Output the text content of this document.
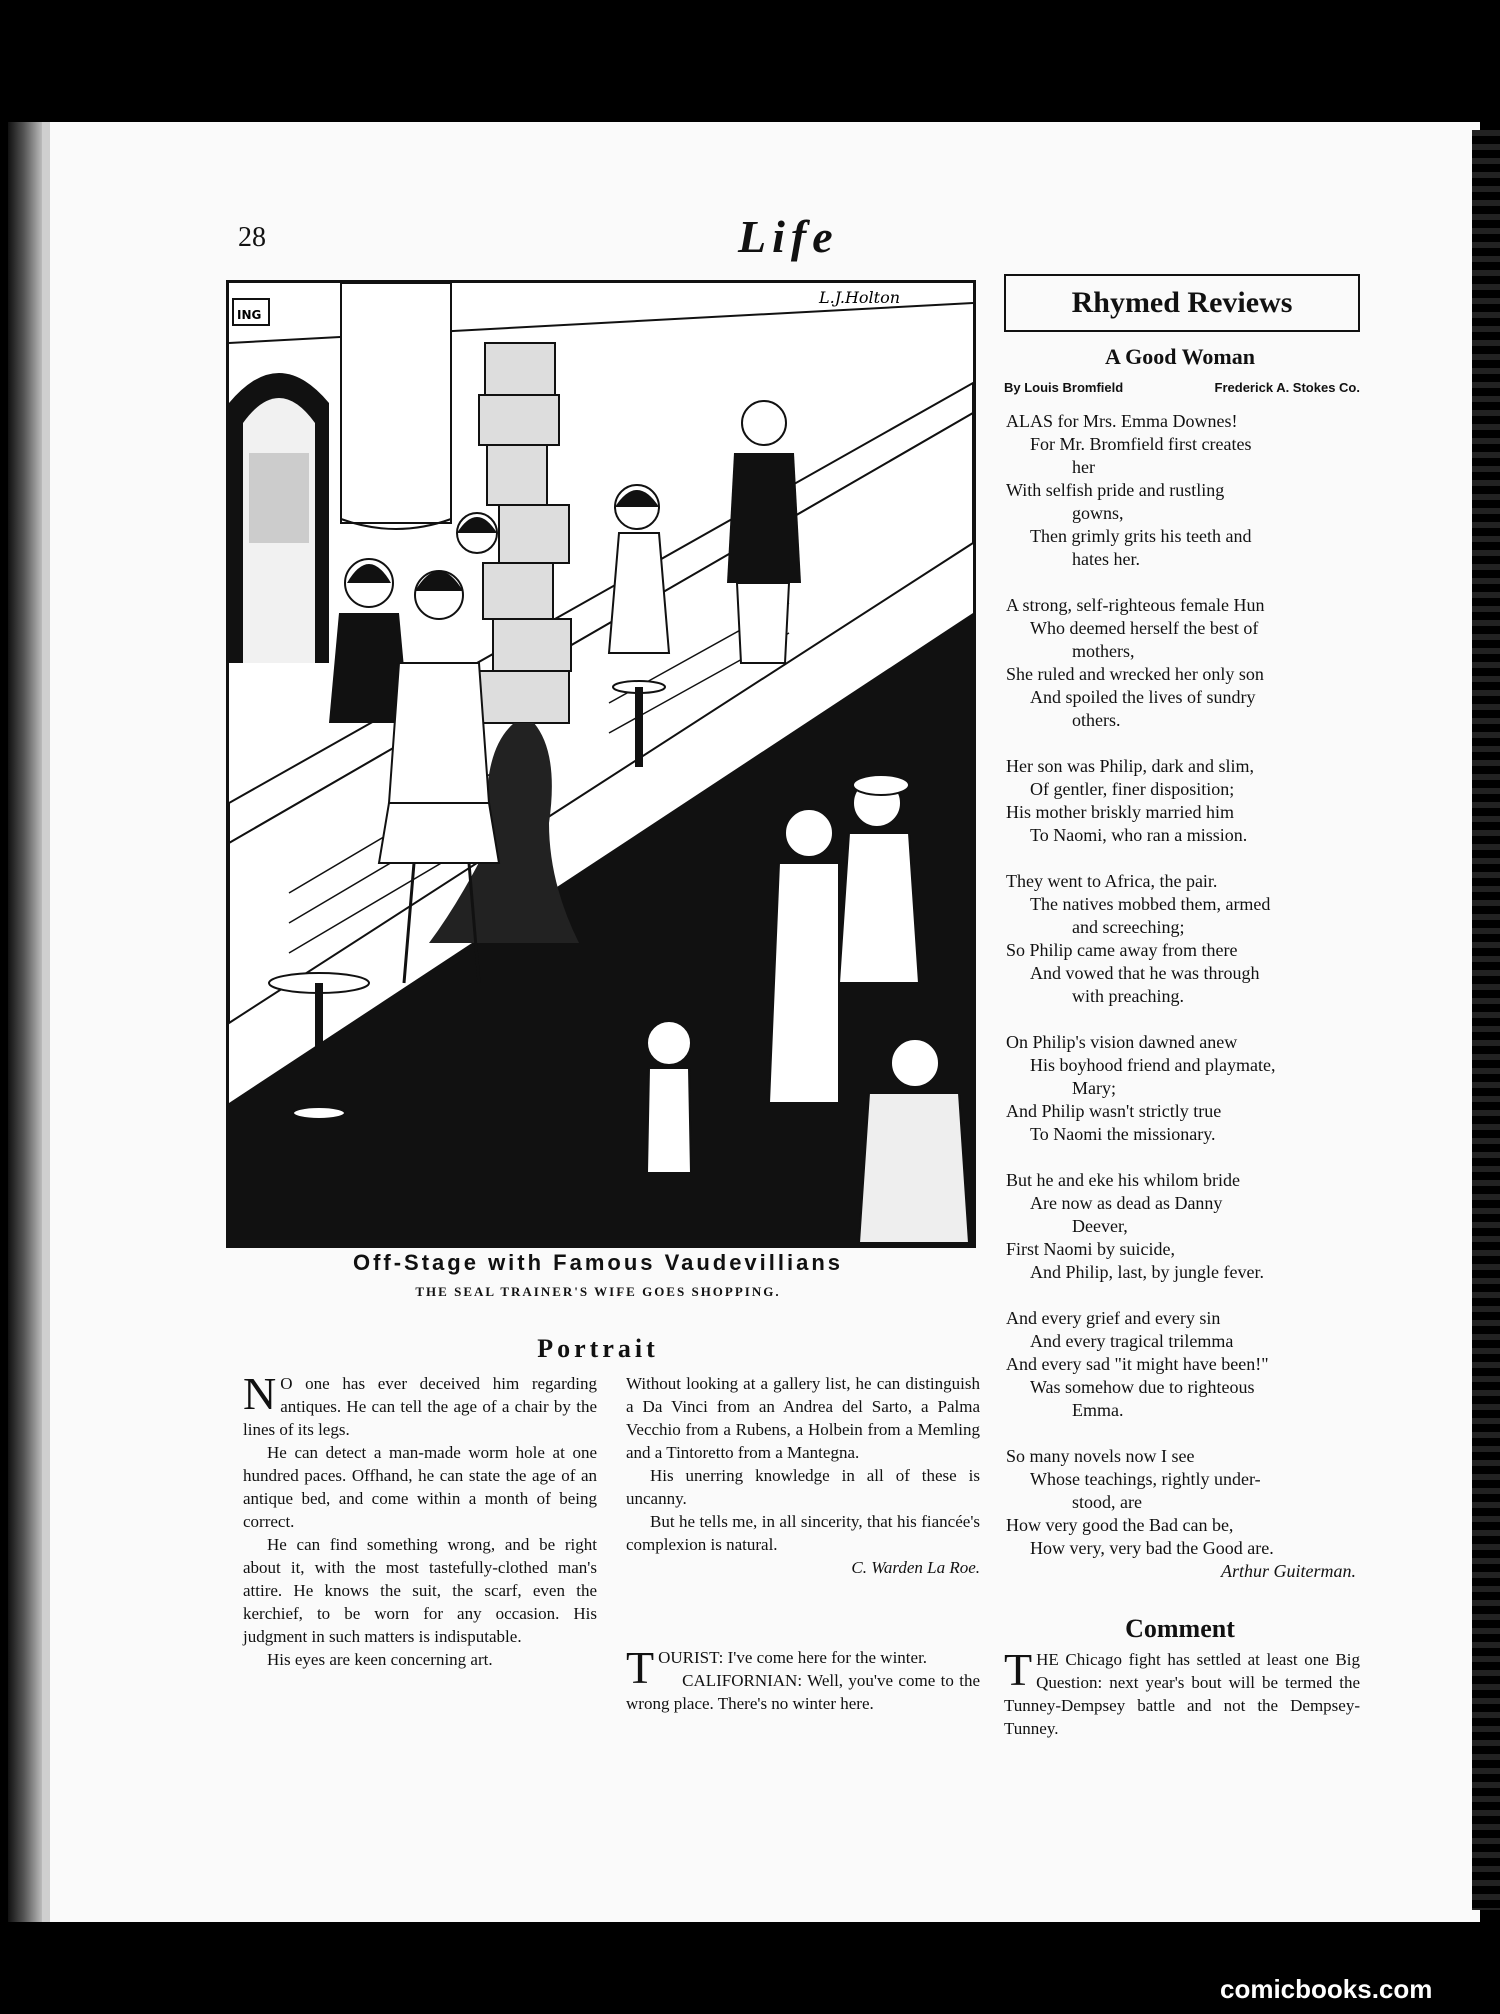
28	Life
ING
L.J.Holton
Off-Stage with Famous Vaudevillians
THE SEAL TRAINER'S WIFE GOES SHOPPING.
Portrait

N O one has ever deceived him regarding antiques. He can tell the age of a chair by the lines of its legs.

He can detect a man-made worm hole at one hundred paces. Offhand, he can state the age of an antique bed, and come within a month of being correct.

He can find something wrong, and be right about it, with the most tastefully-clothed man's attire. He knows the suit, the scarf, even the kerchief, to be worn for any occasion. His judgment in such matters is indisputable.

His eyes are keen concerning art.

Without looking at a gallery list, he can distinguish a Da Vinci from an Andrea del Sarto, a Palma Vecchio from a Rubens, a Holbein from a Memling and a Tintoretto from a Mantegna.

His unerring knowledge in all of these is uncanny.

But he tells me, in all sincerity, that his fiancée's complexion is natural.

C. Warden La Roe.

TOURIST: I've come here for the winter.

CALIFORNIAN: Well, you've come to the wrong place. There's no winter here.

Rhymed Reviews
A Good Woman
By Louis Bromfield	Frederick A. Stokes Co.
ALAS for Mrs. Emma Downes!
For Mr. Bromfield first creates
her
With selfish pride and rustling
gowns,
Then grimly grits his teeth and
hates her.
A strong, self-righteous female Hun
Who deemed herself the best of
mothers,
She ruled and wrecked her only son
And spoiled the lives of sundry
others.
Her son was Philip, dark and slim,
Of gentler, finer disposition;
His mother briskly married him
To Naomi, who ran a mission.
They went to Africa, the pair.
The natives mobbed them, armed
and screeching;
So Philip came away from there
And vowed that he was through
with preaching.
On Philip's vision dawned anew
His boyhood friend and playmate,
Mary;
And Philip wasn't strictly true
To Naomi the missionary.
But he and eke his whilom bride
Are now as dead as Danny
Deever,
First Naomi by suicide,
And Philip, last, by jungle fever.
And every grief and every sin
And every tragical trilemma
And every sad "it might have been!"
Was somehow due to righteous
Emma.
So many novels now I see
Whose teachings, rightly under-
stood, are
How very good the Bad can be,
How very, very bad the Good are.
Arthur Guiterman.
Comment
THE Chicago fight has settled at least one Big Question: next year's bout will be termed the Tunney-Dempsey battle and not the Dempsey-Tunney.
comicbooks.com
